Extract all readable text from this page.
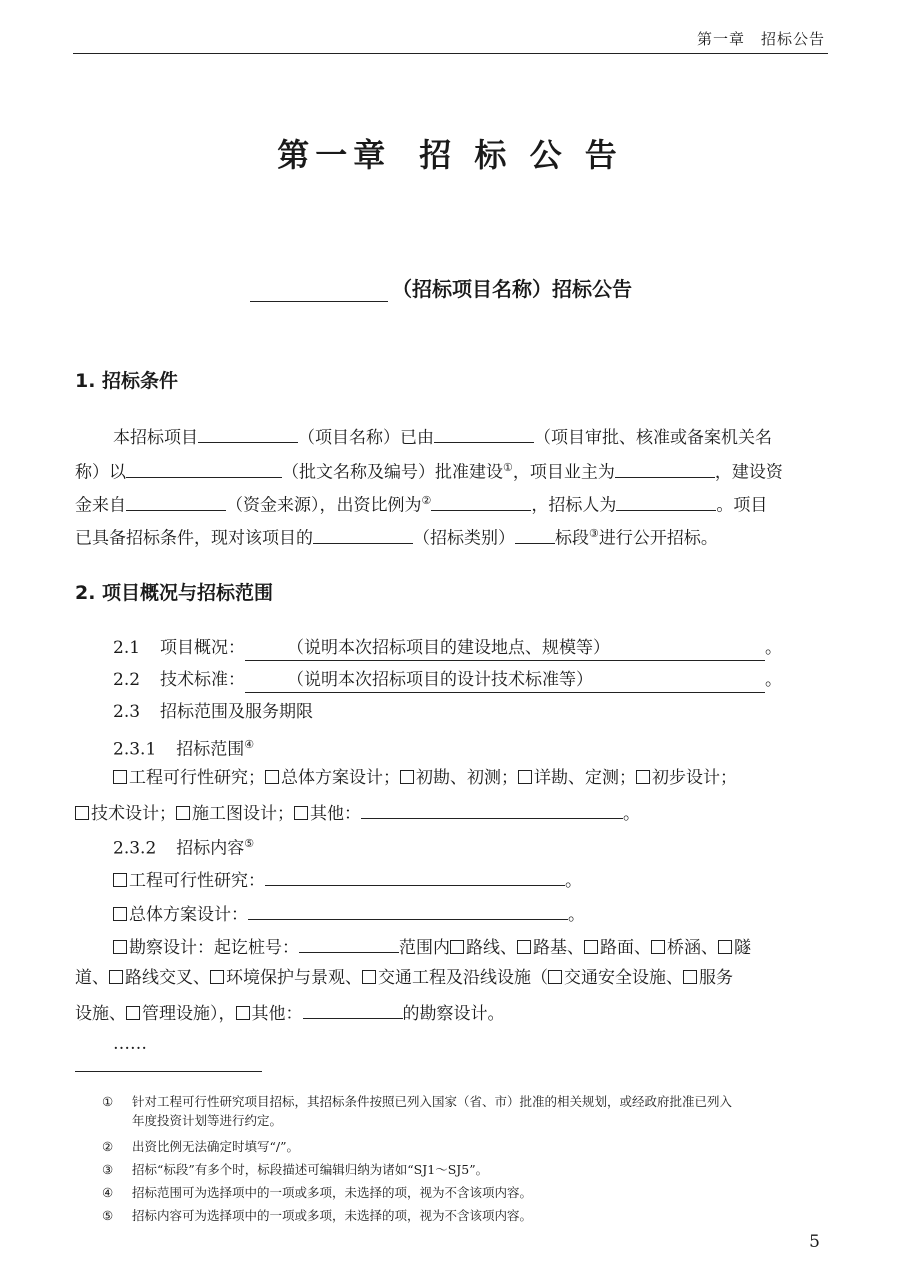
第一章　招标公告
第一章 招 标 公 告
（招标项目名称）招标公告
1. 招标条件
本招标项目	（项目名称）已由	（项目审批、核准或备案机关名
称）以	（批文名称及编号）批准建设①，项目业主为	，建设资
金来自	（资金来源），出资比例为②	，招标人为	。项目
已具备招标条件，现对该项目的	（招标类别） 标段③进行公开招标。
2. 项目概况与招标范围
2.1 项目概况： （说明本次招标项目的建设地点、规模等）	。
2.2 技术标准： （说明本次招标项目的设计技术标准等）	。
2.3 招标范围及服务期限
2.3.1 招标范围④
工程可行性研究； 总体方案设计； 初勘、初测； 详勘、定测； 初步设计；
技术设计； 施工图设计； 其他：	。
2.3.2 招标内容⑤
工程可行性研究：	。
总体方案设计：	。
勘察设计：起讫桩号：	范围内 路线、 路基、 路面、 桥涵、 隧
道、 路线交叉、 环境保护与景观、 交通工程及沿线设施（ 交通安全设施、 服务
设施、 管理设施）， 其他：	的勘察设计。
……
① 针对工程可行性研究项目招标，其招标条件按照已列入国家（省、市）批准的相关规划，或经政府批准已列入
年度投资计划等进行约定。
② 出资比例无法确定时填写“/”。
③ 招标“标段”有多个时，标段描述可编辑归纳为诸如“SJ1～SJ5”。
④ 招标范围可为选择项中的一项或多项，未选择的项，视为不含该项内容。
⑤ 招标内容可为选择项中的一项或多项，未选择的项，视为不含该项内容。
5
